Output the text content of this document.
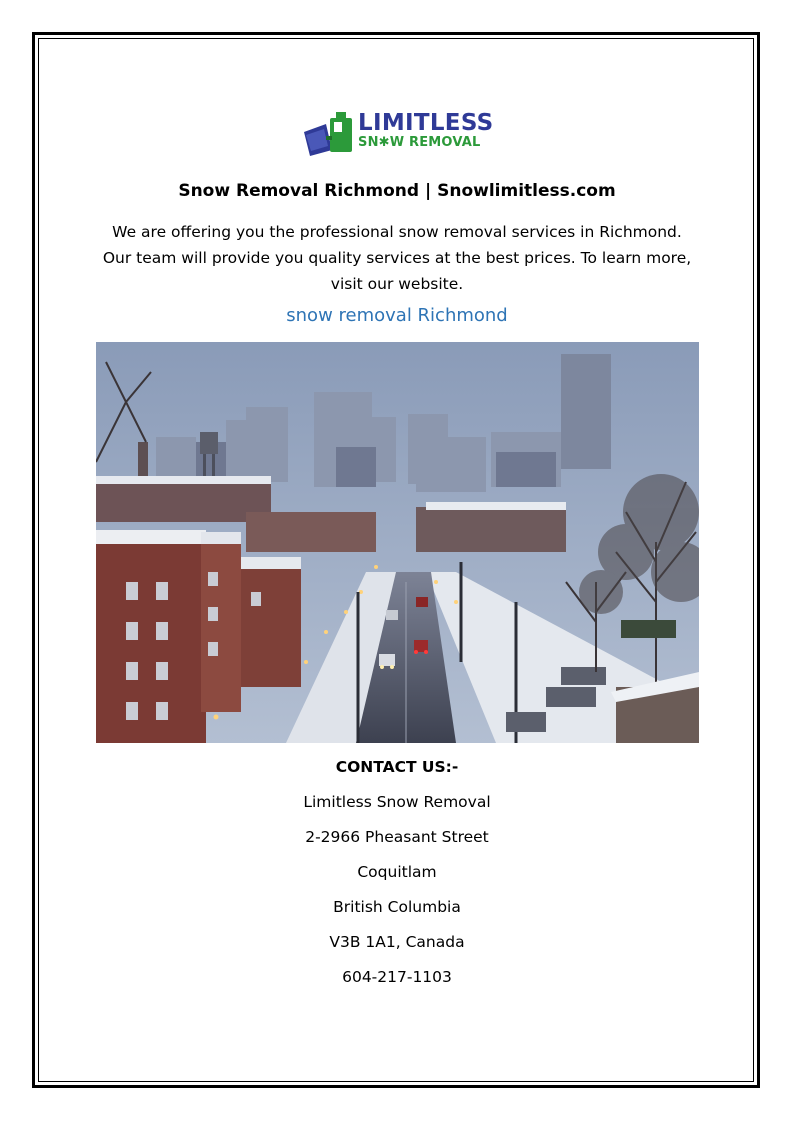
LIMITLESS
SN✱W REMOVAL
Snow Removal Richmond | Snowlimitless.com
We are offering you the professional snow removal services in Richmond. Our team will provide you quality services at the best prices. To learn more, visit our website.
snow removal Richmond
CONTACT US:-
Limitless Snow Removal
2-2966 Pheasant Street
Coquitlam
British Columbia
V3B 1A1, Canada
604-217-1103
